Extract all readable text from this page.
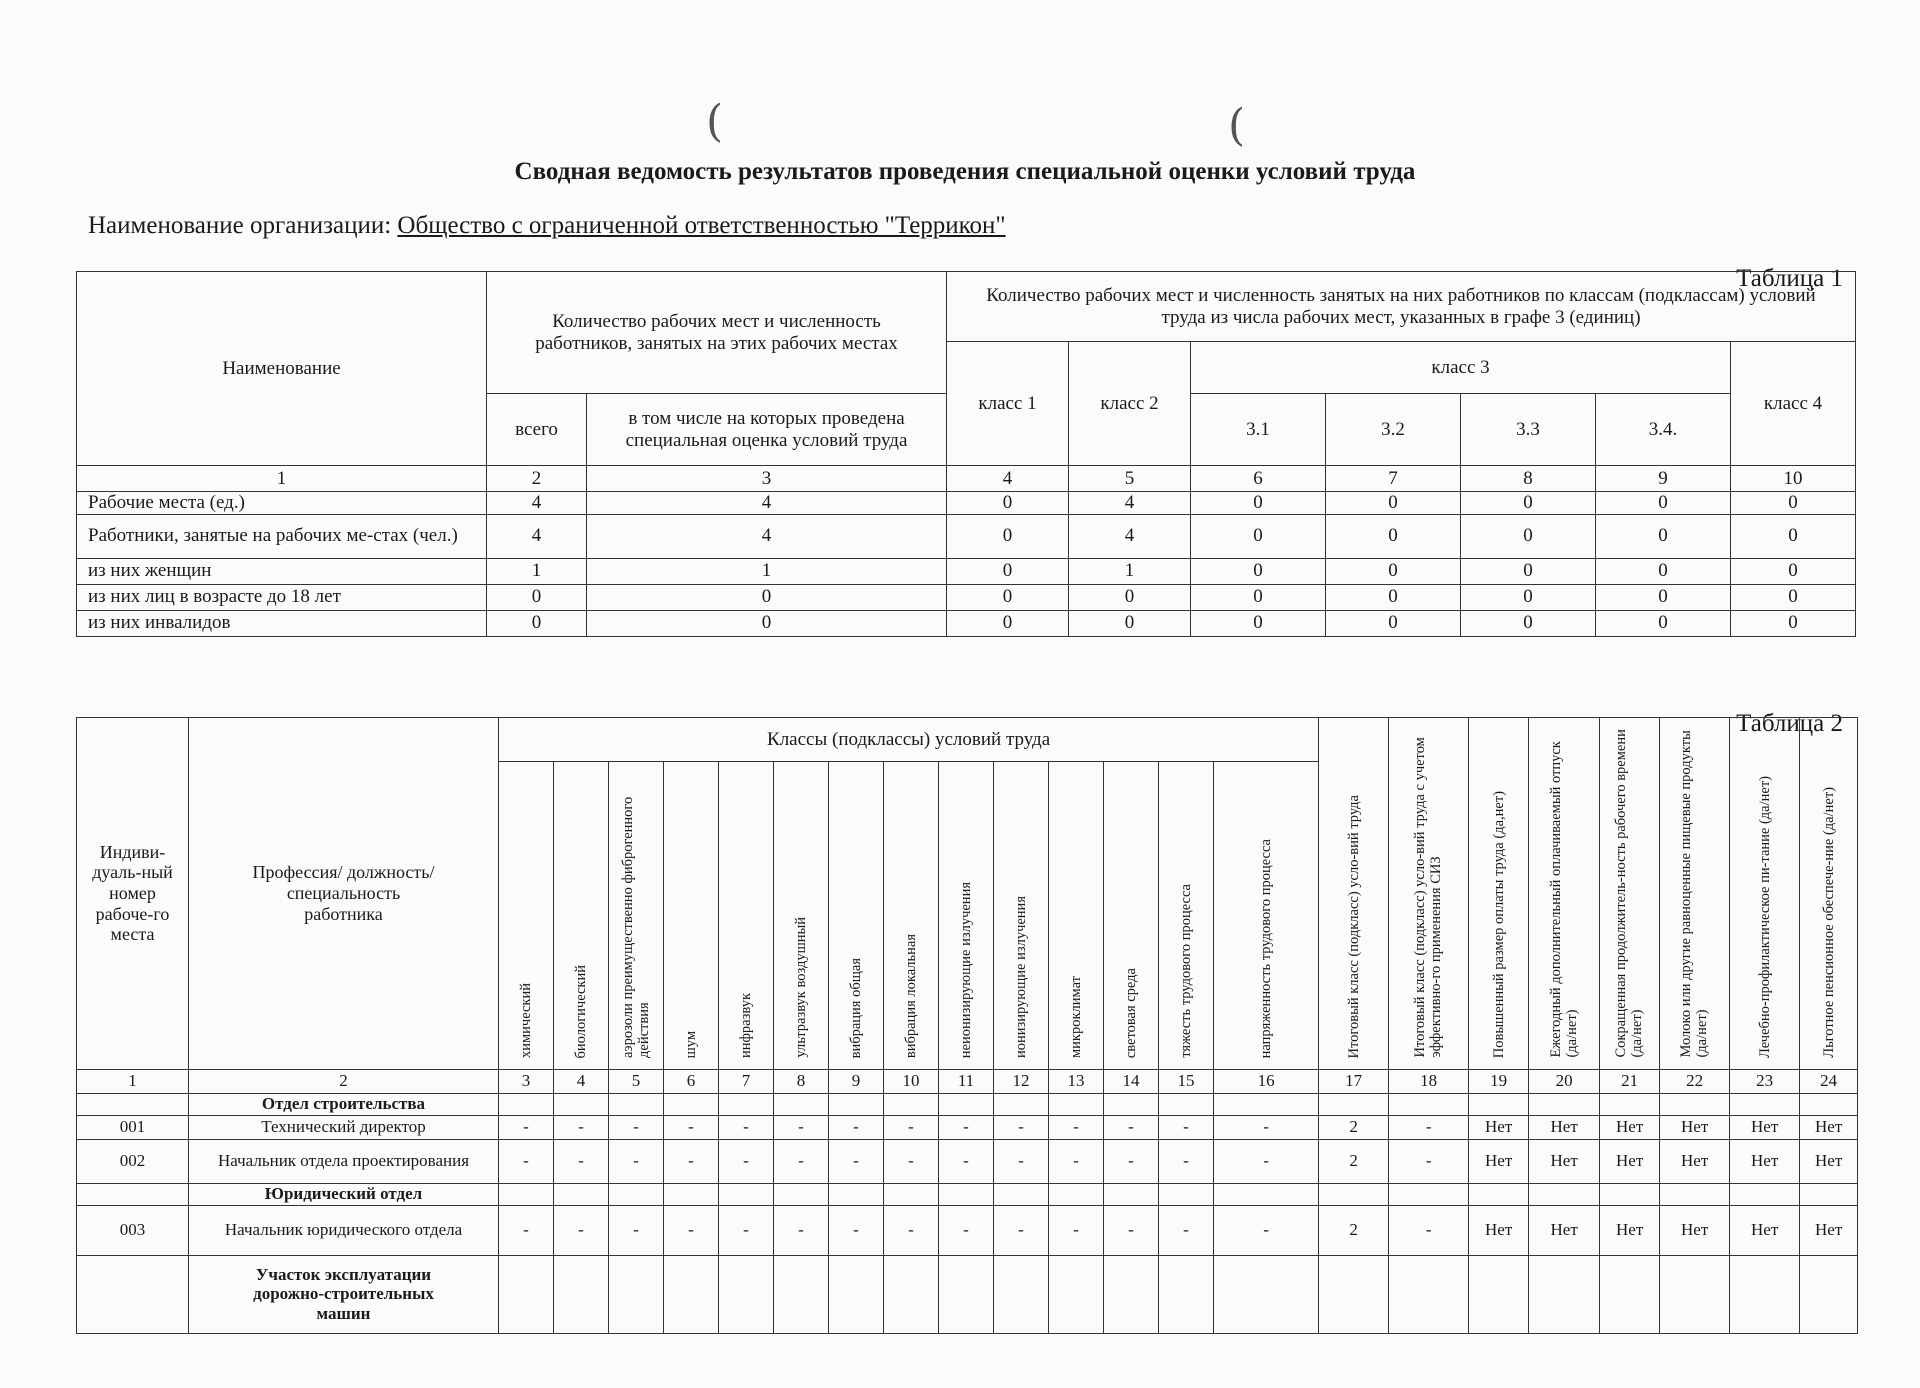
(	(
Сводная ведомость результатов проведения специальной оценки условий труда
Наименование организации: Общество с ограниченной ответственностью "Террикон"
Таблица 1
Наименование	Количество рабочих мест и численность работников, занятых на этих рабочих местах		Количество рабочих мест и численность занятых на них работников по классам (подклассам) условий труда из числа рабочих мест, указанных в графе 3 (единиц)						
			класс 1	класс 2	класс 3				класс 4
	всего	в том числе на которых проведена специальная оценка условий труда			3.1	3.2	3.3	3.4.	
1	2	3	4	5	6	7	8	9	10
Рабочие места (ед.)	4	4	0	4	0	0	0	0	0
Работники, занятые на рабочих ме-стах (чел.)	4	4	0	4	0	0	0	0	0
из них женщин	1	1	0	1	0	0	0	0	0
из них лиц в возрасте до 18 лет	0	0	0	0	0	0	0	0	0
из них инвалидов	0	0	0	0	0	0	0	0	0
Таблица 2
Индиви-дуаль-ный номер рабоче-го места	Профессия/ должность/ специальность работника	Классы (подклассы) условий труда														Итоговый класс (подкласс) усло-вий труда	Итоговый класс (подкласс) усло-вий труда с учетом эффективно-го применения СИЗ	Повышенный размер оплаты труда (да,нет)	Ежегодный дополнительный оплачиваемый отпуск (да/нет)	Сокращенная продолжитель-ность рабочего времени (да/нет)	Молоко или другие равноценные пищевые продукты (да/нет)	Лечебно-профилактическое пи-тание (да/нет)	Льготное пенсионное обеспече-ние (да/нет)
		химический	биологический	аэрозоли преимущественно фиброгенного действия	шум	инфразвук	ультразвук воздушный	вибрация общая	вибрация локальная	неионизирующие излучения	ионизирующие излучения	микроклимат	световая среда	тяжесть трудового процесса	напряженность трудового процесса								
1	2	3	4	5	6	7	8	9	10	11	12	13	14	15	16	17	18	19	20	21	22	23	24
	Отдел строительства																						
001	Технический директор	-	-	-	-	-	-	-	-	-	-	-	-	-	-	2	-	Нет	Нет	Нет	Нет	Нет	Нет
002	Начальник отдела проектирования	-	-	-	-	-	-	-	-	-	-	-	-	-	-	2	-	Нет	Нет	Нет	Нет	Нет	Нет
	Юридический отдел																						
003	Начальник юридического отдела	-	-	-	-	-	-	-	-	-	-	-	-	-	-	2	-	Нет	Нет	Нет	Нет	Нет	Нет
	Участок эксплуатации дорожно-строительных машин																						
